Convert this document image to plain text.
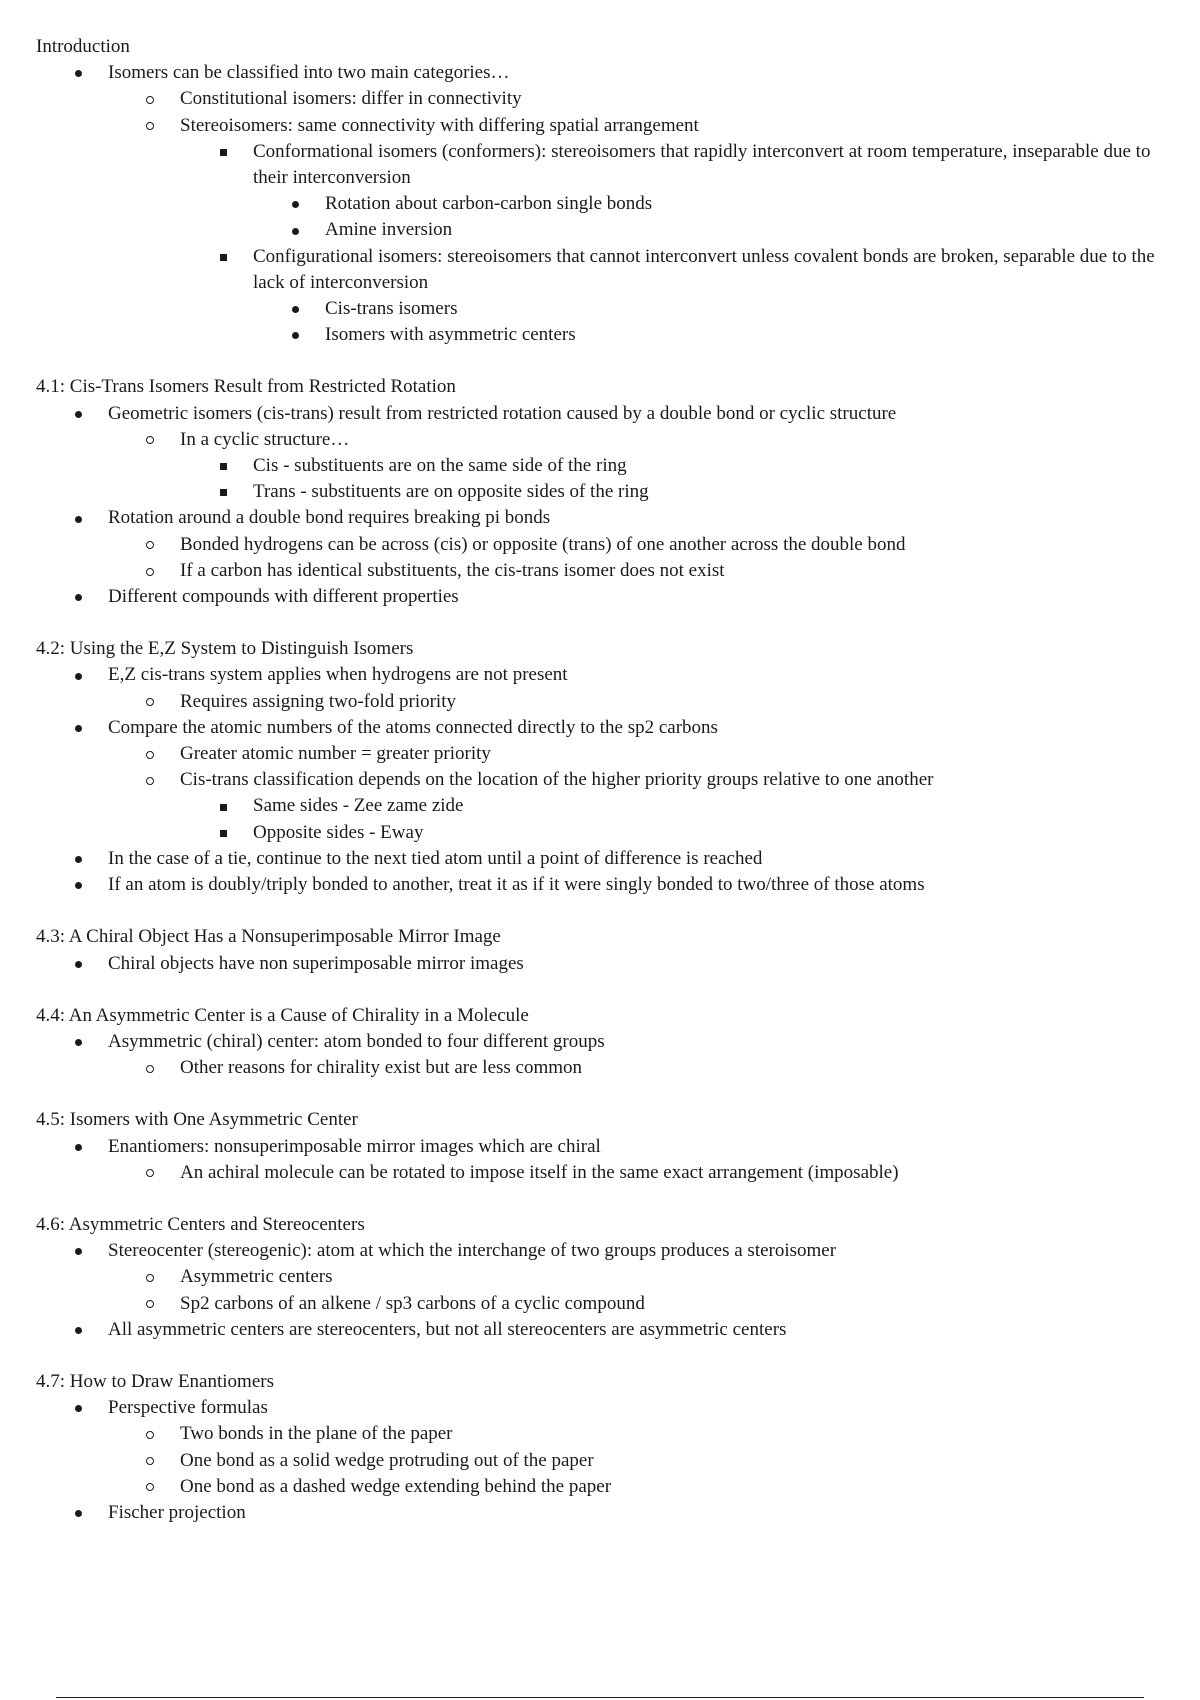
Introduction
Isomers can be classified into two main categories…
Constitutional isomers: differ in connectivity
Stereoisomers: same connectivity with differing spatial arrangement
Conformational isomers (conformers): stereoisomers that rapidly interconvert at room temperature, inseparable due to their interconversion
Rotation about carbon-carbon single bonds
Amine inversion
Configurational isomers: stereoisomers that cannot interconvert unless covalent bonds are broken, separable due to the lack of interconversion
Cis-trans isomers
Isomers with asymmetric centers
4.1: Cis-Trans Isomers Result from Restricted Rotation
Geometric isomers (cis-trans) result from restricted rotation caused by a double bond or cyclic structure
In a cyclic structure…
Cis - substituents are on the same side of the ring
Trans - substituents are on opposite sides of the ring
Rotation around a double bond requires breaking pi bonds
Bonded hydrogens can be across (cis) or opposite (trans) of one another across the double bond
If a carbon has identical substituents, the cis-trans isomer does not exist
Different compounds with different properties
4.2: Using the E,Z System to Distinguish Isomers
E,Z cis-trans system applies when hydrogens are not present
Requires assigning two-fold priority
Compare the atomic numbers of the atoms connected directly to the sp2 carbons
Greater atomic number = greater priority
Cis-trans classification depends on the location of the higher priority groups relative to one another
Same sides - Zee zame zide
Opposite sides - Eway
In the case of a tie, continue to the next tied atom until a point of difference is reached
If an atom is doubly/triply bonded to another, treat it as if it were singly bonded to two/three of those atoms
4.3: A Chiral Object Has a Nonsuperimposable Mirror Image
Chiral objects have non superimposable mirror images
4.4: An Asymmetric Center is a Cause of Chirality in a Molecule
Asymmetric (chiral) center: atom bonded to four different groups
Other reasons for chirality exist but are less common
4.5: Isomers with One Asymmetric Center
Enantiomers: nonsuperimposable mirror images which are chiral
An achiral molecule can be rotated to impose itself in the same exact arrangement (imposable)
4.6: Asymmetric Centers and Stereocenters
Stereocenter (stereogenic): atom at which the interchange of two groups produces a steroisomer
Asymmetric centers
Sp2 carbons of an alkene / sp3 carbons of a cyclic compound
All asymmetric centers are stereocenters, but not all stereocenters are asymmetric centers
4.7: How to Draw Enantiomers
Perspective formulas
Two bonds in the plane of the paper
One bond as a solid wedge protruding out of the paper
One bond as a dashed wedge extending behind the paper
Fischer projection
